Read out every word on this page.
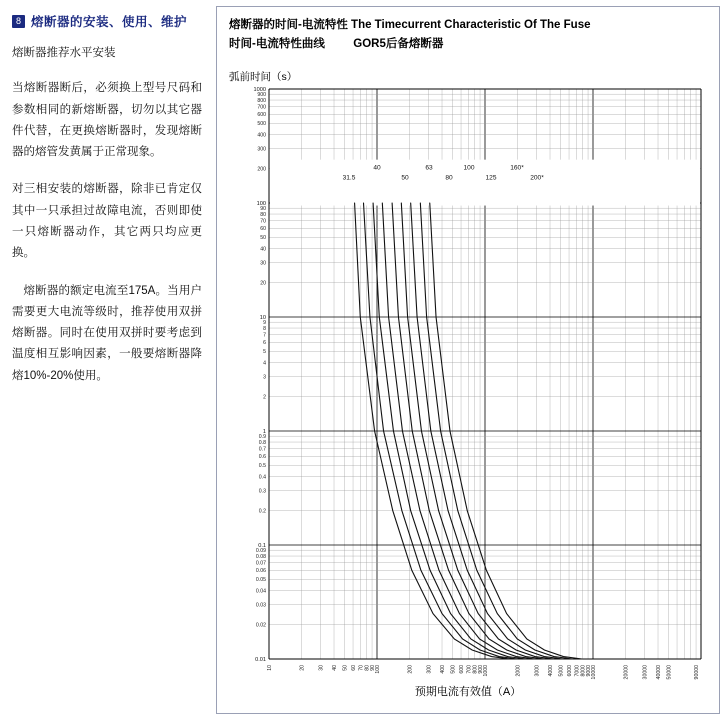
8 熔断器的安装、使用、维护

熔断器推荐水平安装

当熔断器断后，必须换上型号尺码和参数相同的新熔断器，切勿以其它器件代替，在更换熔断器时，发现熔断器的熔管发黄属于正常现象。

对三相安装的熔断器，除非已肯定仅其中一只承担过故障电流，否则即使一只熔断器动作，其它两只均应更换。

熔断器的额定电流至175A。当用户需要更大电流等级时，推荐使用双拼熔断器。同时在使用双拼时要考虑到温度相互影响因素，一般要熔断器降熔10%-20%使用。

熔断器的时间-电流特性 The Timecurrent Characteristic Of The Fuse
时间-电流特性曲线 GOR5后备熔断器
弧前时间（s）
0.01
0.02
0.03
0.04
0.05
0.06
0.07
0.08
0.09
0.1
0.2
0.3
0.4
0.5
0.6
0.7
0.8
0.9
1
2
3
4
5
6
7
8
9
10
20
30
40
50
60
70
80
90
100
200
300
400
500
600
700
800
900
1000
10	20	30 40 50 60 70 80 90
100	200	300 400 500 600 700 800 900
1000	2000	3000 4000 5000 6000 7000 8000 9000
10000	20000	30000 40000 50000	90000
40	63	100	160*
31.5	50	80	125	200*
预期电流有效值（A）
